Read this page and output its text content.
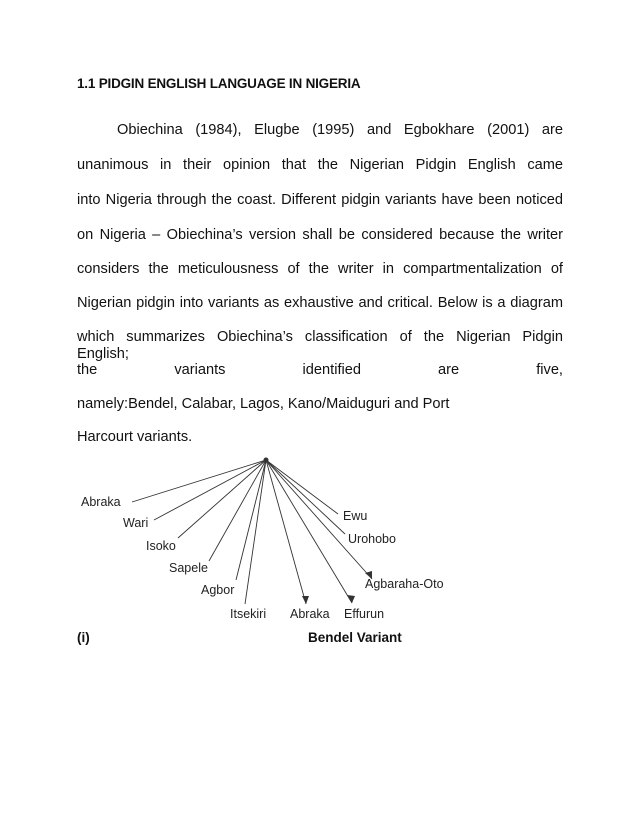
1.1 PIDGIN ENGLISH LANGUAGE IN NIGERIA
Obiechina (1984), Elugbe (1995) and Egbokhare (2001) are
unanimous in their opinion that the Nigerian Pidgin English came
into Nigeria through the coast. Different pidgin variants have been noticed
on Nigeria – Obiechina’s version shall be considered because the writer
considers the meticulousness of the writer in compartmentalization of
Nigerian pidgin into variants as exhaustive and critical. Below is a diagram
which summarizes Obiechina’s classification of the Nigerian Pidgin English;
the variants identified are five,
namely:Bendel, Calabar, Lagos, Kano/Maiduguri and Port
Harcourt variants.
Abraka
Wari
Isoko
Sapele
Agbor
Itsekiri Abraka Effurun
Agbaraha-Oto
Urohobo
Ewu
(i)	Bendel Variant
